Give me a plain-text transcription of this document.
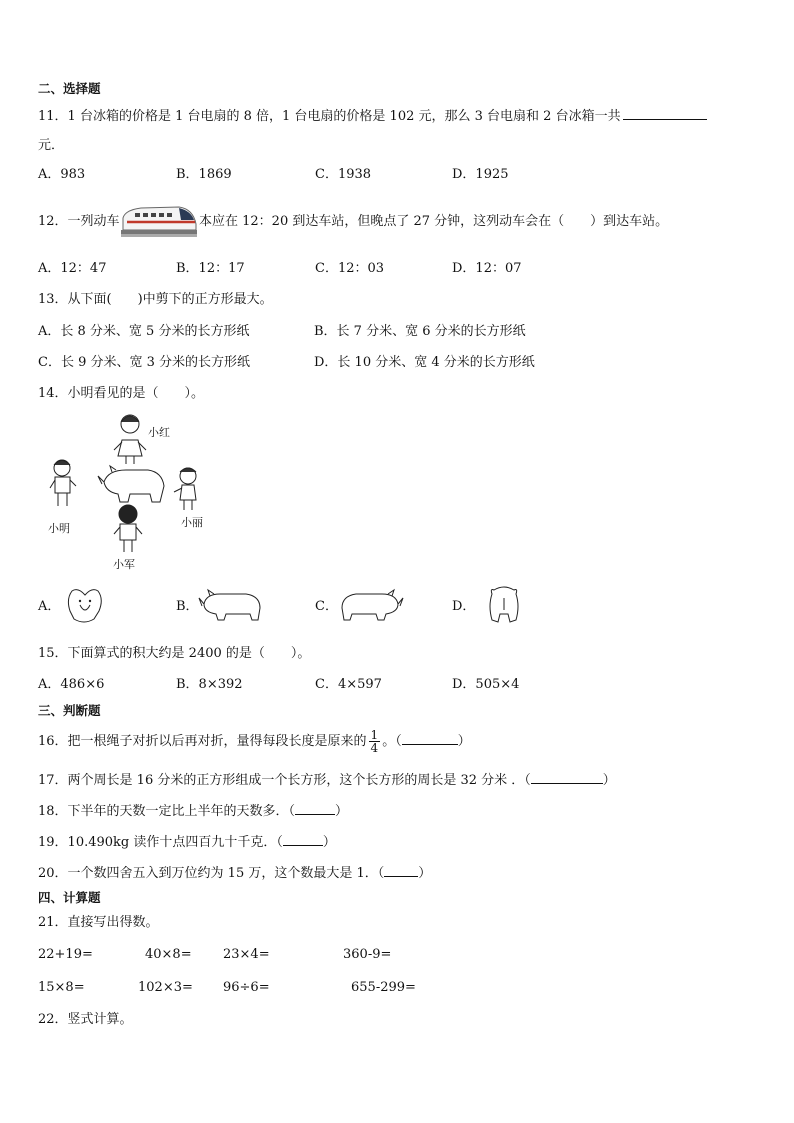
二、选择题
11．1 台冰箱的价格是 1 台电扇的 8 倍，1 台电扇的价格是 102 元，那么 3 台电扇和 2 台冰箱一共
元．
A．983	B．1869	C．1938	D．1925
12．一列动车	本应在 12：20 到达车站，但晚点了 27 分钟，这列动车会在（　　）到达车站。
A．12：47	B．12：17	C．12：03	D．12：07
13．从下面(　　)中剪下的正方形最大。
A．长 8 分米、宽 5 分米的长方形纸	B．长 7 分米、宽 6 分米的长方形纸
C．长 9 分米、宽 3 分米的长方形纸	D．长 10 分米、宽 4 分米的长方形纸
14．小明看见的是（　　）。
小红
小明	小丽
小军
A．	B．	C．	D．
15．下面算式的积大约是 2400 的是（　　）。
A．486×6	B．8×392	C．4×597	D．505×4
三、判断题
16．把一根绳子对折以后再对折，量得每段长度是原来的 $\frac{1}{4}$ 。（	）
17．两个周长是 16 分米的正方形组成一个长方形，这个长方形的周长是 32 分米 ．（	）
18．下半年的天数一定比上半年的天数多．（	）
19．10.490kg 读作十点四百九十千克．（	）
20．一个数四舍五入到万位约为 15 万，这个数最大是 1．（	）
四、计算题
21．直接写出得数。
22+19=	40×8= 23×4=	360-9=
15×8=	102×3= 96÷6=	655-299=
22．竖式计算。
